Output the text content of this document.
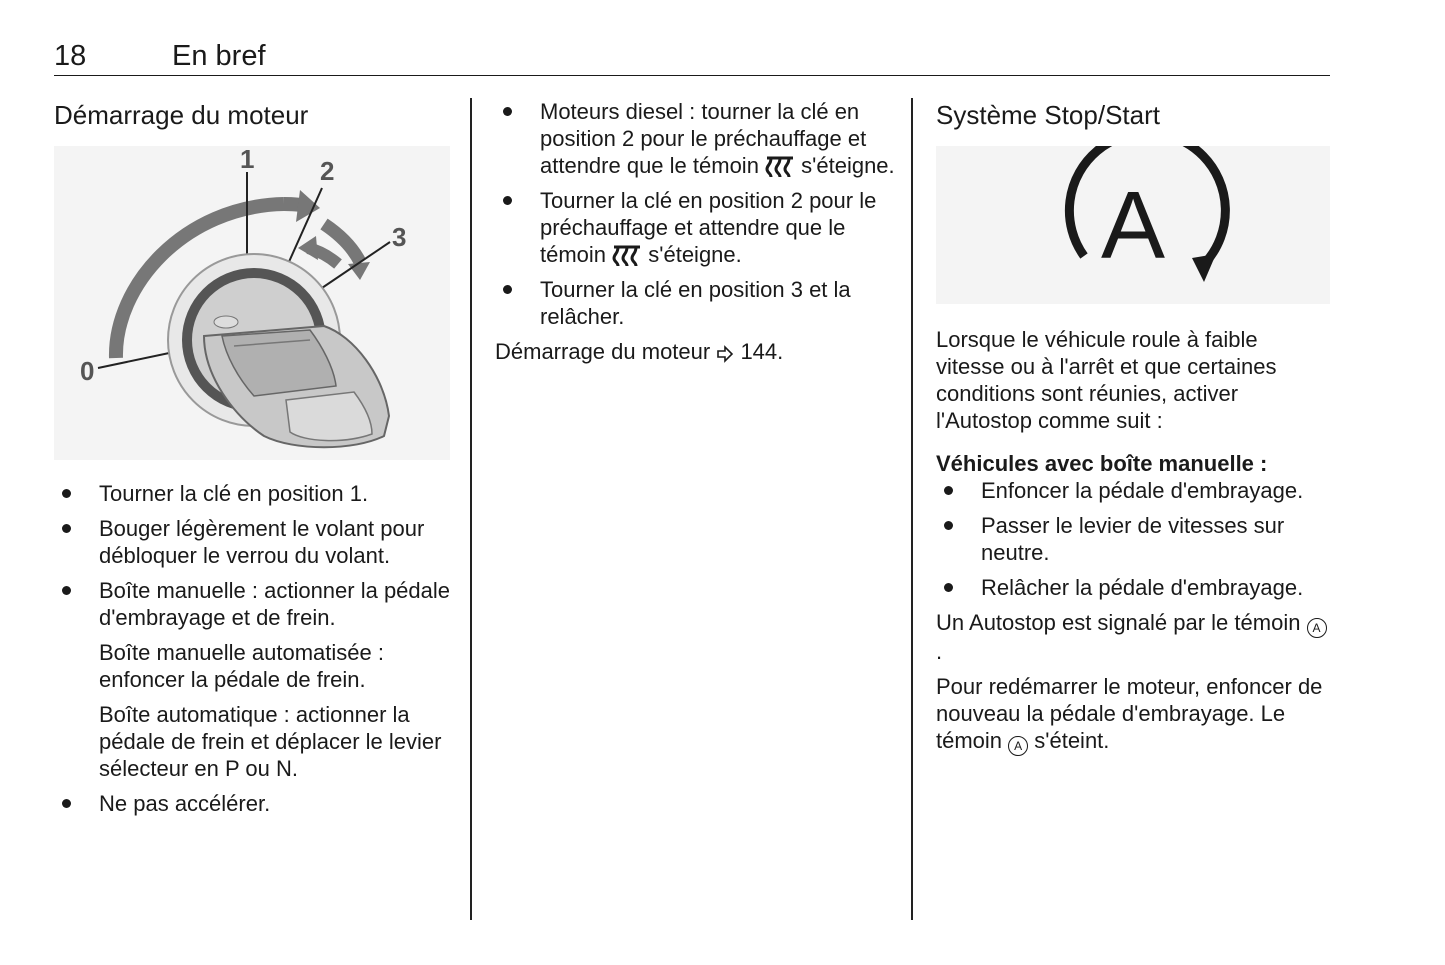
18	En bref
Démarrage du moteur
1	2
3
0
Tourner la clé en position 1.
Bouger légèrement le volant pour débloquer le verrou du volant.
Boîte manuelle : actionner la pédale d'embrayage et de frein.

Boîte manuelle automatisée : enfoncer la pédale de frein.

Boîte automatique : actionner la pédale de frein et déplacer le levier sélecteur en P ou N.

Ne pas accélérer.
Moteurs diesel : tourner la clé en position 2 pour le préchauffage et attendre que le témoin  s'éteigne.
Tourner la clé en position 2 pour le préchauffage et attendre que le témoin  s'éteigne.
Tourner la clé en position 3 et la relâcher.

Démarrage du moteur  144.

Système Stop/Start
A

Lorsque le véhicule roule à faible vitesse ou à l'arrêt et que certaines conditions sont réunies, activer l'Autostop comme suit :

Véhicules avec boîte manuelle :
Enfoncer la pédale d'embrayage.
Passer le levier de vitesses sur neutre.
Relâcher la pédale d'embrayage.

Un Autostop est signalé par le témoin A.

Pour redémarrer le moteur, enfoncer de nouveau la pédale d'embrayage. Le témoin A s'éteint.
